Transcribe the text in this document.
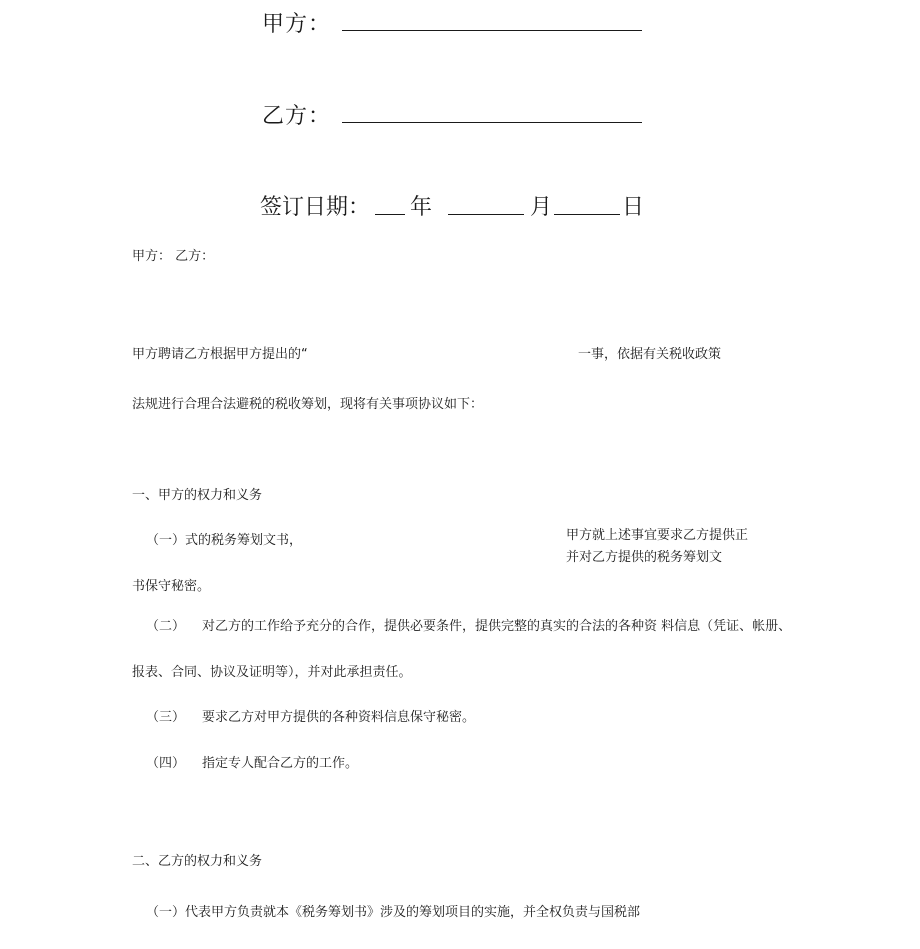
甲方：
乙方：
签订日期： 年	月	日
甲方： 乙方：
甲方聘请乙方根据甲方提出的“	一事，依据有关税收政策
法规进行合理合法避税的税收筹划，现将有关事项协议如下：
一、甲方的权力和义务
（一）式的税务筹划文书，	甲方就上述事宜要求乙方提供正
并对乙方提供的税务筹划文
书保守秘密。
（二） 对乙方的工作给予充分的合作，提供必要条件，提供完整的真实的合法的各种资 料信息（凭证、帐册、
报表、合同、协议及证明等），并对此承担责任。
（三） 要求乙方对甲方提供的各种资料信息保守秘密。
（四） 指定专人配合乙方的工作。
二、乙方的权力和义务
（一）代表甲方负责就本《税务筹划书》涉及的筹划项目的实施，并全权负责与国税部
